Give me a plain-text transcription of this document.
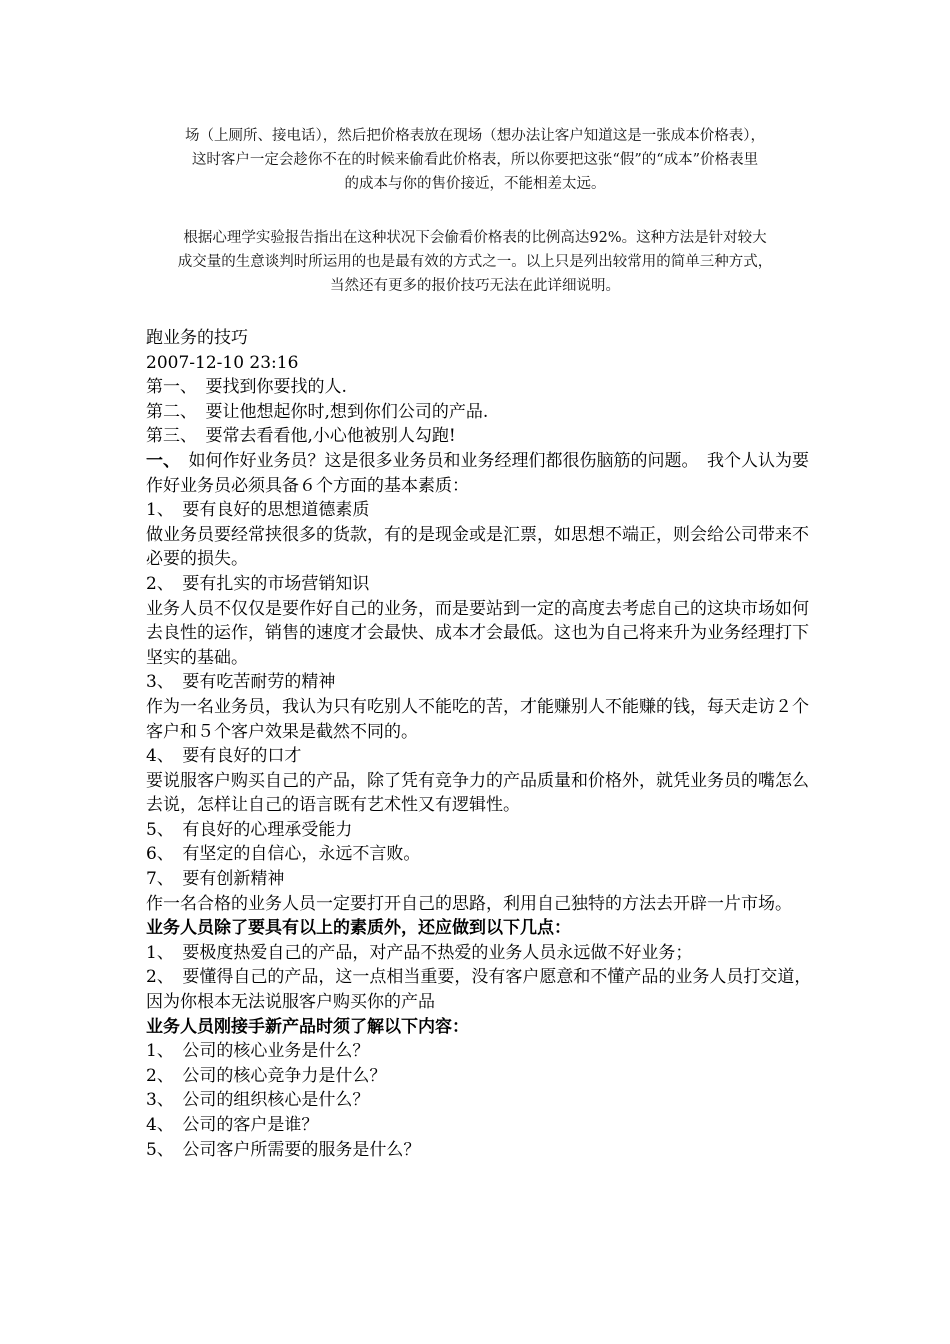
场（上厕所、接电话），然后把价格表放在现场（想办法让客户知道这是一张成本价格表），
这时客户一定会趁你不在的时候来偷看此价格表，所以你要把这张“假”的“成本”价格表里
的成本与你的售价接近，不能相差太远。
根据心理学实验报告指出在这种状况下会偷看价格表的比例高达92%。这种方法是针对较大
成交量的生意谈判时所运用的也是最有效的方式之一。以上只是列出较常用的简单三种方式，
当然还有更多的报价技巧无法在此详细说明。
跑业务的技巧
2007-12-10 23:16
第一、　要找到你要找的人.
第二、　要让他想起你时,想到你们公司的产品.
第三、　要常去看看他,小心他被别人勾跑!
一、　如何作好业务员？这是很多业务员和业务经理们都很伤脑筋的问题。　我个人认为要作好业务员必须具备６个方面的基本素质：
1、　要有良好的思想道德素质
做业务员要经常挟很多的货款，有的是现金或是汇票，如思想不端正，则会给公司带来不必要的损失。
2、　要有扎实的市场营销知识
业务人员不仅仅是要作好自己的业务，而是要站到一定的高度去考虑自己的这块市场如何去良性的运作，销售的速度才会最快、成本才会最低。这也为自己将来升为业务经理打下坚实的基础。
3、　要有吃苦耐劳的精神
作为一名业务员，我认为只有吃别人不能吃的苦，才能赚别人不能赚的钱，每天走访２个客户和５个客户效果是截然不同的。
4、　要有良好的口才
要说服客户购买自己的产品，除了凭有竞争力的产品质量和价格外，就凭业务员的嘴怎么去说，怎样让自己的语言既有艺术性又有逻辑性。
5、　有良好的心理承受能力
6、　有坚定的自信心，永远不言败。
7、　要有创新精神
作一名合格的业务人员一定要打开自己的思路，利用自己独特的方法去开辟一片市场。
业务人员除了要具有以上的素质外，还应做到以下几点：
1、　要极度热爱自己的产品，对产品不热爱的业务人员永远做不好业务；
2、　要懂得自己的产品，这一点相当重要，没有客户愿意和不懂产品的业务人员打交道，因为你根本无法说服客户购买你的产品
业务人员刚接手新产品时须了解以下内容：
1、　公司的核心业务是什么？
2、　公司的核心竞争力是什么？
3、　公司的组织核心是什么？
4、　公司的客户是谁？
5、　公司客户所需要的服务是什么？
